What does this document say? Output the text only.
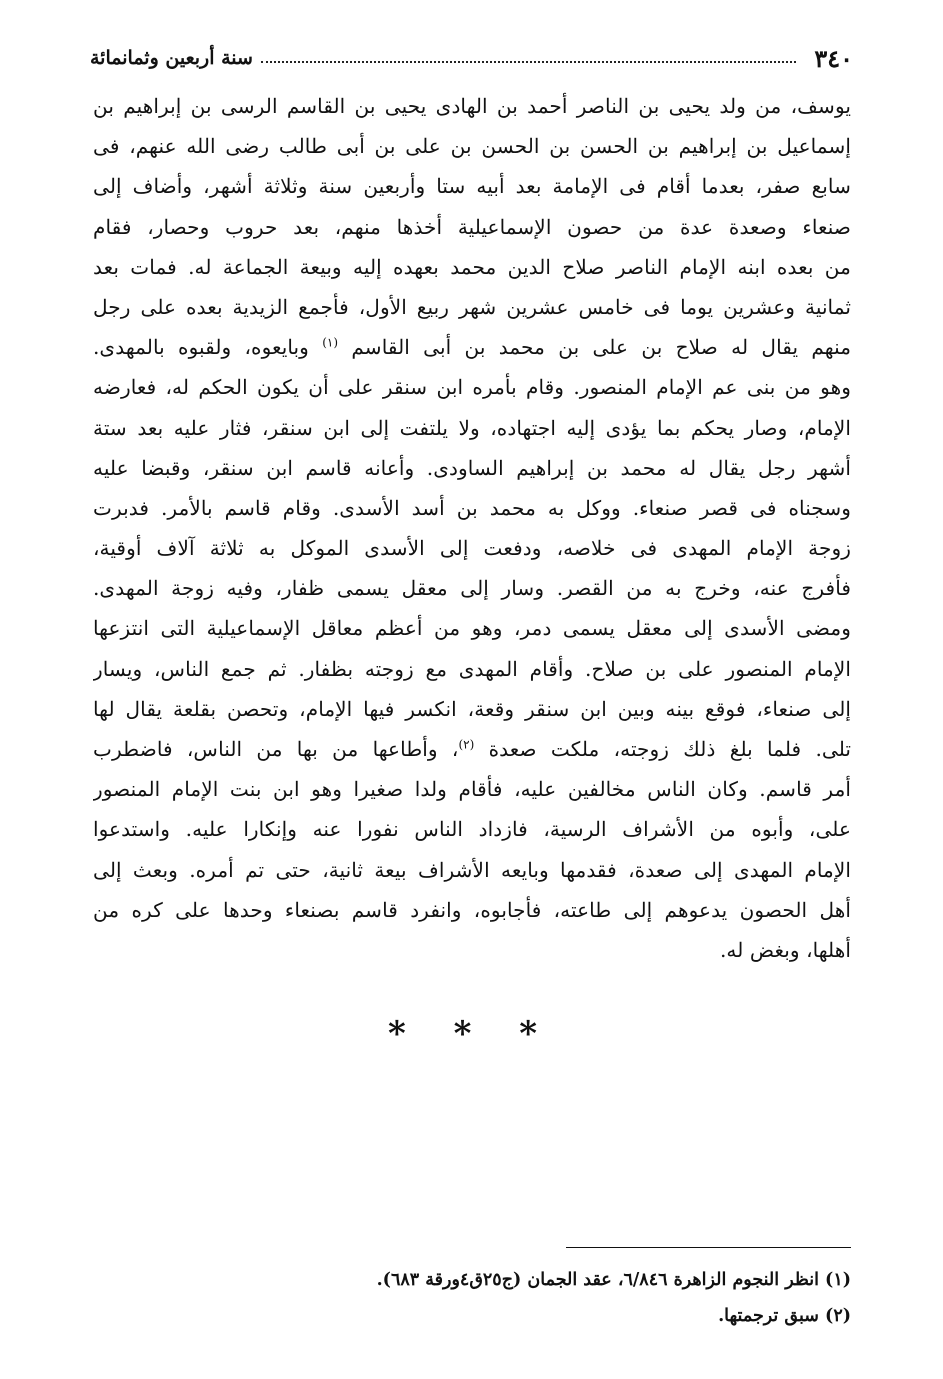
٣٤٠
سنة أربعين وثمانمائة
يوسف، من ولد يحيى بن الناصر أحمد بن الهادى يحيى بن القاسم الرسى بن إبراهيم بن
إسماعيل بن إبراهيم بن الحسن بن الحسن بن على بن أبى طالب رضى الله عنهم، فى
سابع صفر، بعدما أقام فى الإمامة بعد أبيه ستا وأربعين سنة وثلاثة أشهر، وأضاف إلى
صنعاء وصعدة عدة من حصون الإسماعيلية أخذها منهم، بعد حروب وحصار، فقام
من بعده ابنه الإمام الناصر صلاح الدين محمد بعهده إليه وبيعة الجماعة له. فمات بعد
ثمانية وعشرين يوما فى خامس عشرين شهر ربيع الأول، فأجمع الزيدية بعده على رجل
منهم يقال له صلاح بن على بن محمد بن أبى القاسم $^{(١)}$ وبايعوه، ولقبوه بالمهدى.
وهو من بنى عم الإمام المنصور. وقام بأمره ابن سنقر على أن يكون الحكم له، فعارضه
الإمام، وصار يحكم بما يؤدى إليه اجتهاده، ولا يلتفت إلى ابن سنقر، فثار عليه بعد ستة
أشهر رجل يقال له محمد بن إبراهيم الساودى. وأعانه قاسم ابن سنقر، وقبضا عليه
وسجناه فى قصر صنعاء. ووكل به محمد بن أسد الأسدى. وقام قاسم بالأمر. فدبرت
زوجة الإمام المهدى فى خلاصه، ودفعت إلى الأسدى الموكل به ثلاثة آلاف أوقية،
فأفرج عنه، وخرج به من القصر. وسار إلى معقل يسمى ظفار، وفيه زوجة المهدى.
ومضى الأسدى إلى معقل يسمى دمر، وهو من أعظم معاقل الإسماعيلية التى انتزعها
الإمام المنصور على بن صلاح. وأقام المهدى مع زوجته بظفار. ثم جمع الناس، ويسار
إلى صنعاء، فوقع بينه وبين ابن سنقر وقعة، انكسر فيها الإمام، وتحصن بقلعة يقال لها
تلى. فلما بلغ ذلك زوجته، ملكت صعدة $^{(٢)}$، وأطاعها من بها من الناس، فاضطرب
أمر قاسم. وكان الناس مخالفين عليه، فأقام ولدا صغيرا وهو ابن بنت الإمام المنصور
على، وأبوه من الأشراف الرسية، فازداد الناس نفورا عنه وإنكارا عليه. واستدعوا
الإمام المهدى إلى صعدة، فقدمها وبايعه الأشراف بيعة ثانية، حتى تم أمره. وبعث إلى
أهل الحصون يدعوهم إلى طاعته، فأجابوه، وانفرد قاسم بصنعاء وحدها على كره من
أهلها، وبغض له.
* * *
(١) انظر النجوم الزاهرة ٦/٨٤٦، عقد الجمان (ج٢٥ق٤ورقة ٦٨٣).
(٢) سبق ترجمتها.
